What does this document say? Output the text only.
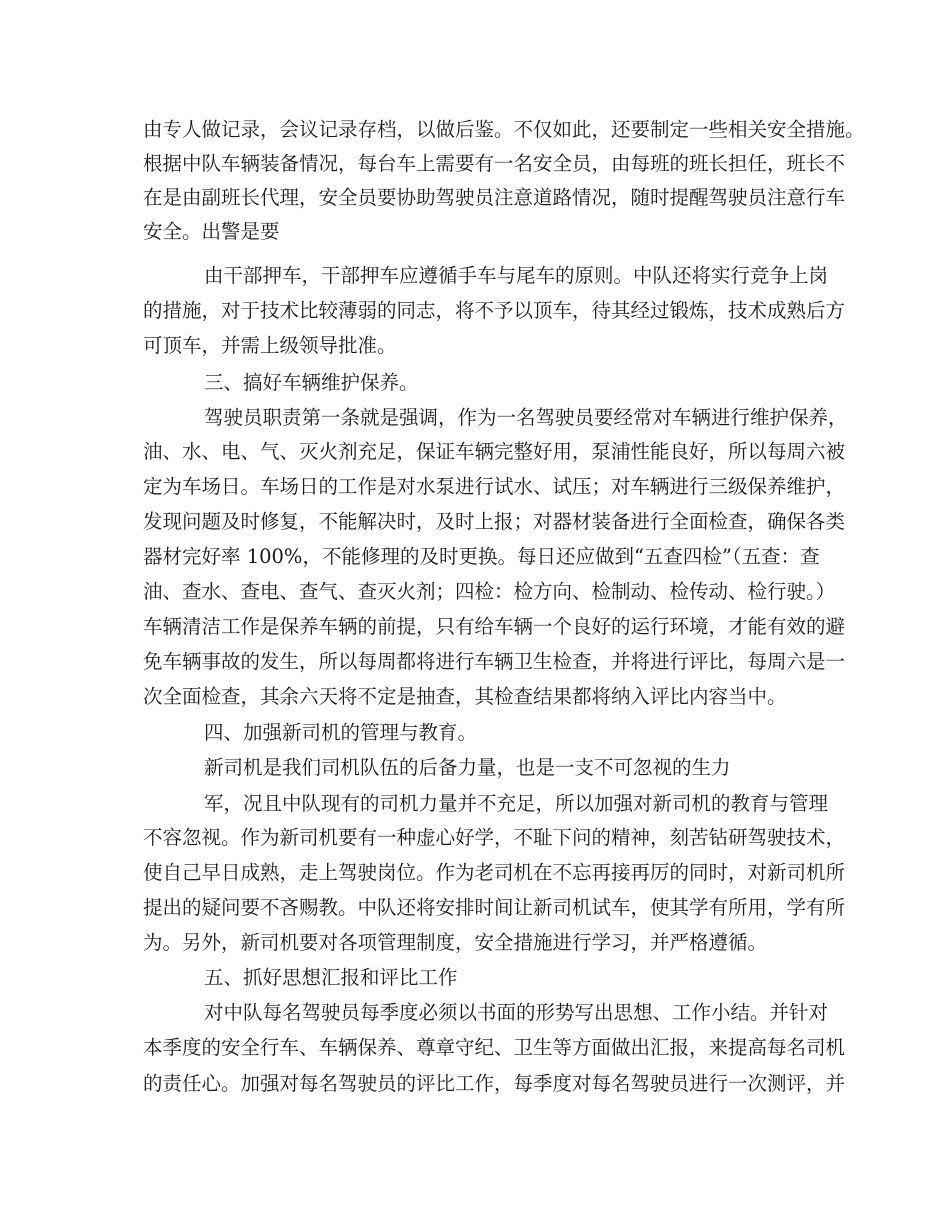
由专人做记录，会议记录存档，以做后鉴。不仅如此，还要制定一些相关安全措施。
根据中队车辆装备情况，每台车上需要有一名安全员，由每班的班长担任，班长不
在是由副班长代理，安全员要协助驾驶员注意道路情况，随时提醒驾驶员注意行车
安全。出警是要
由干部押车，干部押车应遵循手车与尾车的原则。中队还将实行竞争上岗
的措施，对于技术比较薄弱的同志，将不予以顶车，待其经过锻炼，技术成熟后方
可顶车，并需上级领导批准。
三、搞好车辆维护保养。
驾驶员职责第一条就是强调，作为一名驾驶员要经常对车辆进行维护保养，
油、水、电、气、灭火剂充足，保证车辆完整好用，泵浦性能良好，所以每周六被
定为车场日。车场日的工作是对水泵进行试水、试压；对车辆进行三级保养维护，
发现问题及时修复，不能解决时，及时上报；对器材装备进行全面检查，确保各类
器材完好率 100%，不能修理的及时更换。每日还应做到“五查四检”（五查：查
油、查水、查电、查气、查灭火剂；四检：检方向、检制动、检传动、检行驶。）
车辆清洁工作是保养车辆的前提，只有给车辆一个良好的运行环境，才能有效的避
免车辆事故的发生，所以每周都将进行车辆卫生检查，并将进行评比，每周六是一
次全面检查，其余六天将不定是抽查，其检查结果都将纳入评比内容当中。
四、加强新司机的管理与教育。
新司机是我们司机队伍的后备力量，也是一支不可忽视的生力
军，况且中队现有的司机力量并不充足，所以加强对新司机的教育与管理
不容忽视。作为新司机要有一种虚心好学，不耻下问的精神，刻苦钻研驾驶技术，
使自己早日成熟，走上驾驶岗位。作为老司机在不忘再接再厉的同时，对新司机所
提出的疑问要不吝赐教。中队还将安排时间让新司机试车，使其学有所用，学有所
为。另外，新司机要对各项管理制度，安全措施进行学习，并严格遵循。
五、抓好思想汇报和评比工作
对中队每名驾驶员每季度必须以书面的形势写出思想、工作小结。并针对
本季度的安全行车、车辆保养、尊章守纪、卫生等方面做出汇报，来提高每名司机
的责任心。加强对每名驾驶员的评比工作，每季度对每名驾驶员进行一次测评，并
